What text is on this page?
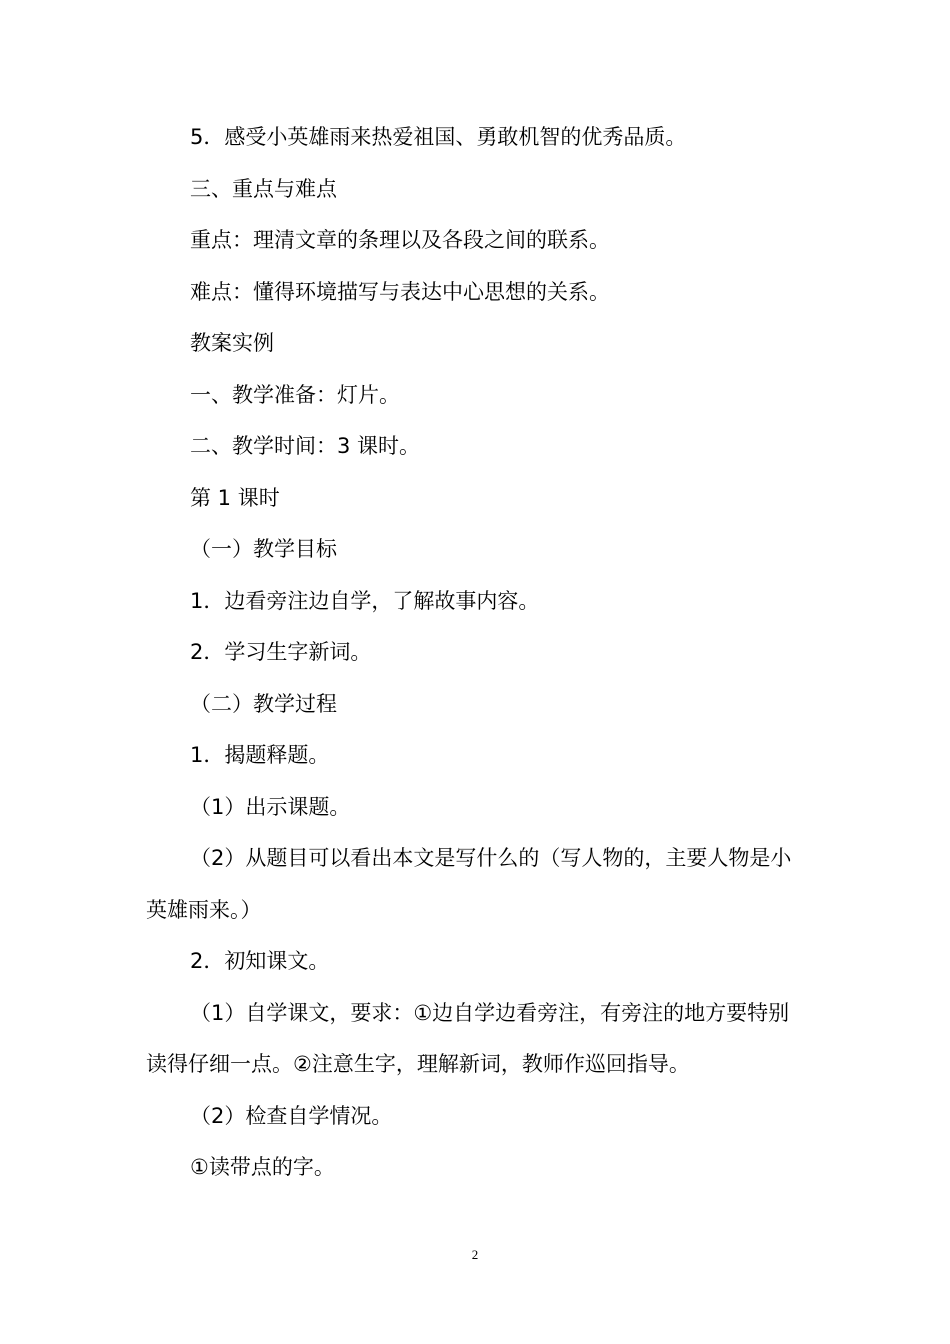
5．感受小英雄雨来热爱祖国、勇敢机智的优秀品质。

三、重点与难点

重点：理清文章的条理以及各段之间的联系。

难点：懂得环境描写与表达中心思想的关系。

教案实例

一、教学准备：灯片。

二、教学时间：3 课时。

第 1 课时

（一）教学目标

1．边看旁注边自学，了解故事内容。

2．学习生字新词。

（二）教学过程

1．揭题释题。

（1）出示课题。

（2）从题目可以看出本文是写什么的（写人物的，主要人物是小英雄雨来。）

2．初知课文。

（1）自学课文，要求：①边自学边看旁注，有旁注的地方要特别读得仔细一点。②注意生字，理解新词，教师作巡回指导。

（2）检查自学情况。

①读带点的字。

2
